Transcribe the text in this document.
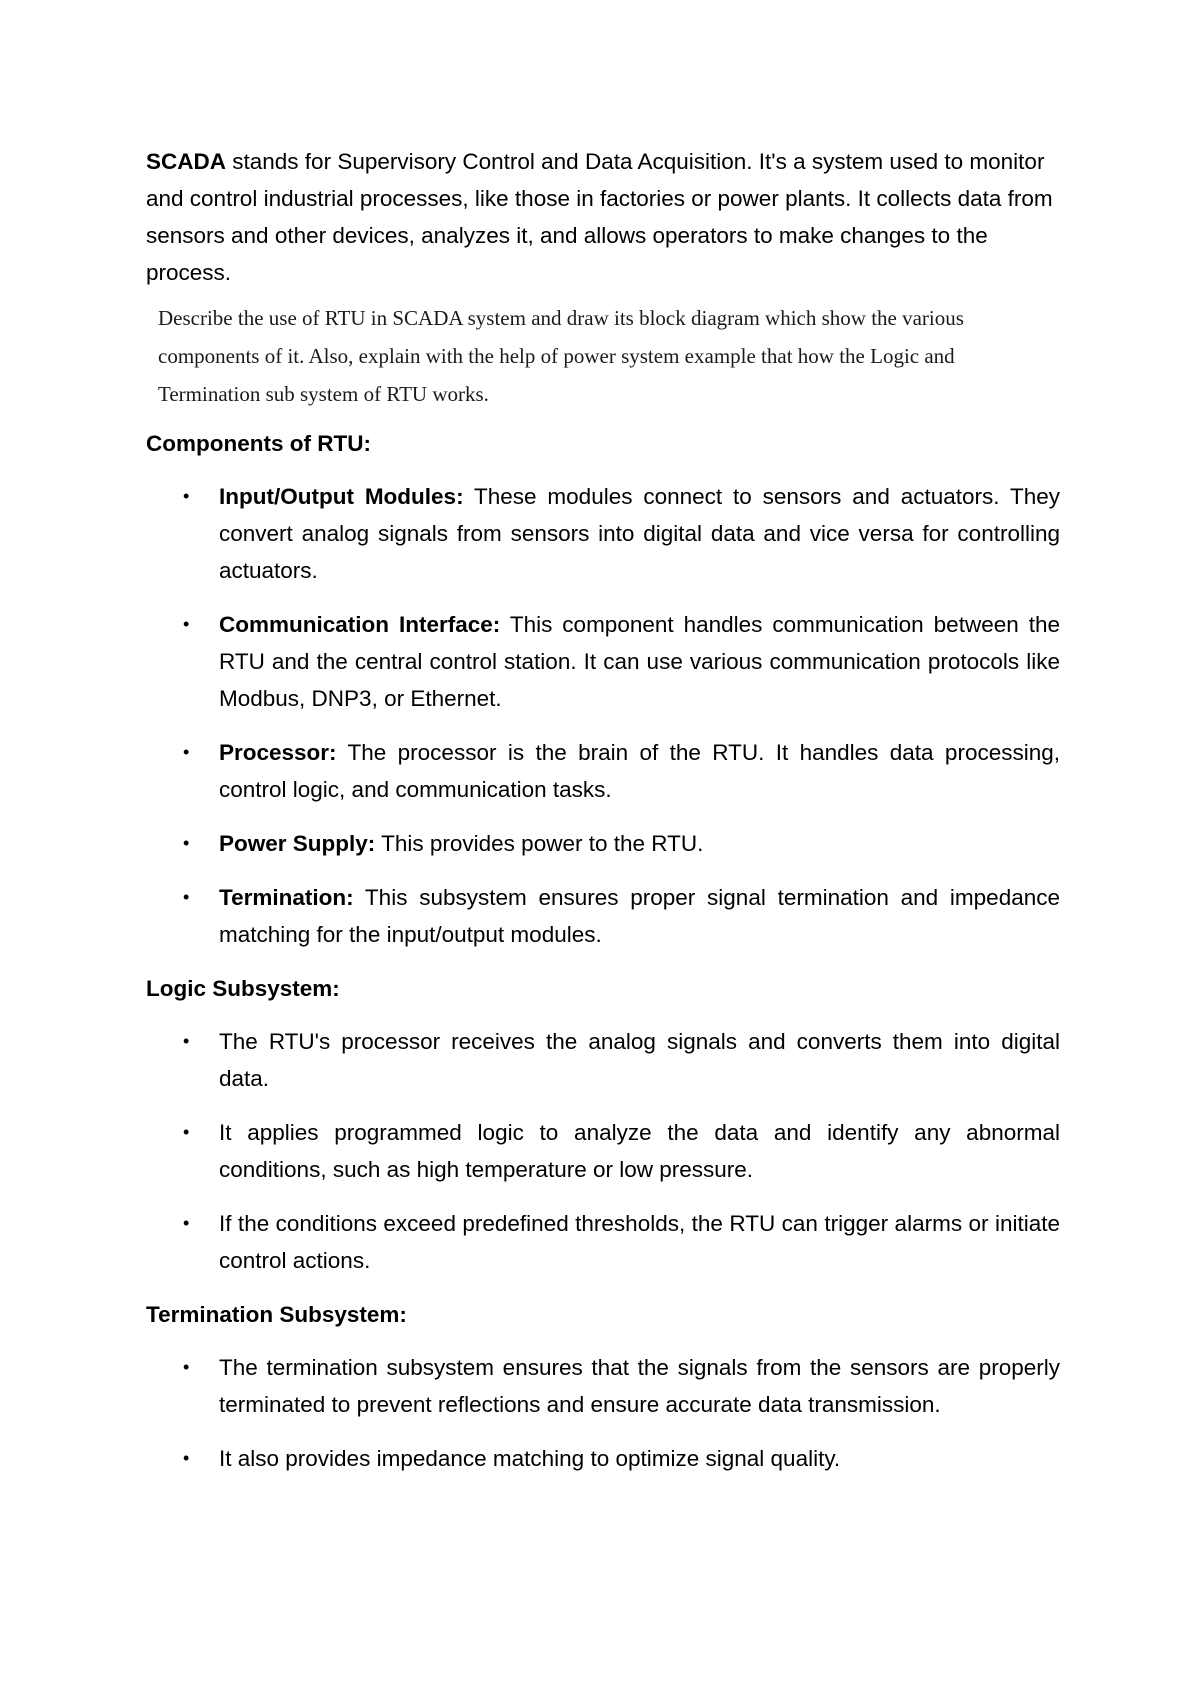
SCADA stands for Supervisory Control and Data Acquisition. It's a system used to monitor and control industrial processes, like those in factories or power plants. It collects data from sensors and other devices, analyzes it, and allows operators to make changes to the process.

Describe the use of RTU in SCADA system and draw its block diagram which show the various components of it. Also, explain with the help of power system example that how the Logic and Termination sub system of RTU works.
Components of RTU:
• Input/Output Modules: These modules connect to sensors and actuators. They convert analog signals from sensors into digital data and vice versa for controlling actuators.
• Communication Interface: This component handles communication between the RTU and the central control station. It can use various communication protocols like Modbus, DNP3, or Ethernet.
• Processor: The processor is the brain of the RTU. It handles data processing, control logic, and communication tasks.
• Power Supply: This provides power to the RTU.
• Termination: This subsystem ensures proper signal termination and impedance matching for the input/output modules.
Logic Subsystem:
• The RTU's processor receives the analog signals and converts them into digital data.
• It applies programmed logic to analyze the data and identify any abnormal conditions, such as high temperature or low pressure.
• If the conditions exceed predefined thresholds, the RTU can trigger alarms or initiate control actions.
Termination Subsystem:
• The termination subsystem ensures that the signals from the sensors are properly terminated to prevent reflections and ensure accurate data transmission.
• It also provides impedance matching to optimize signal quality.
